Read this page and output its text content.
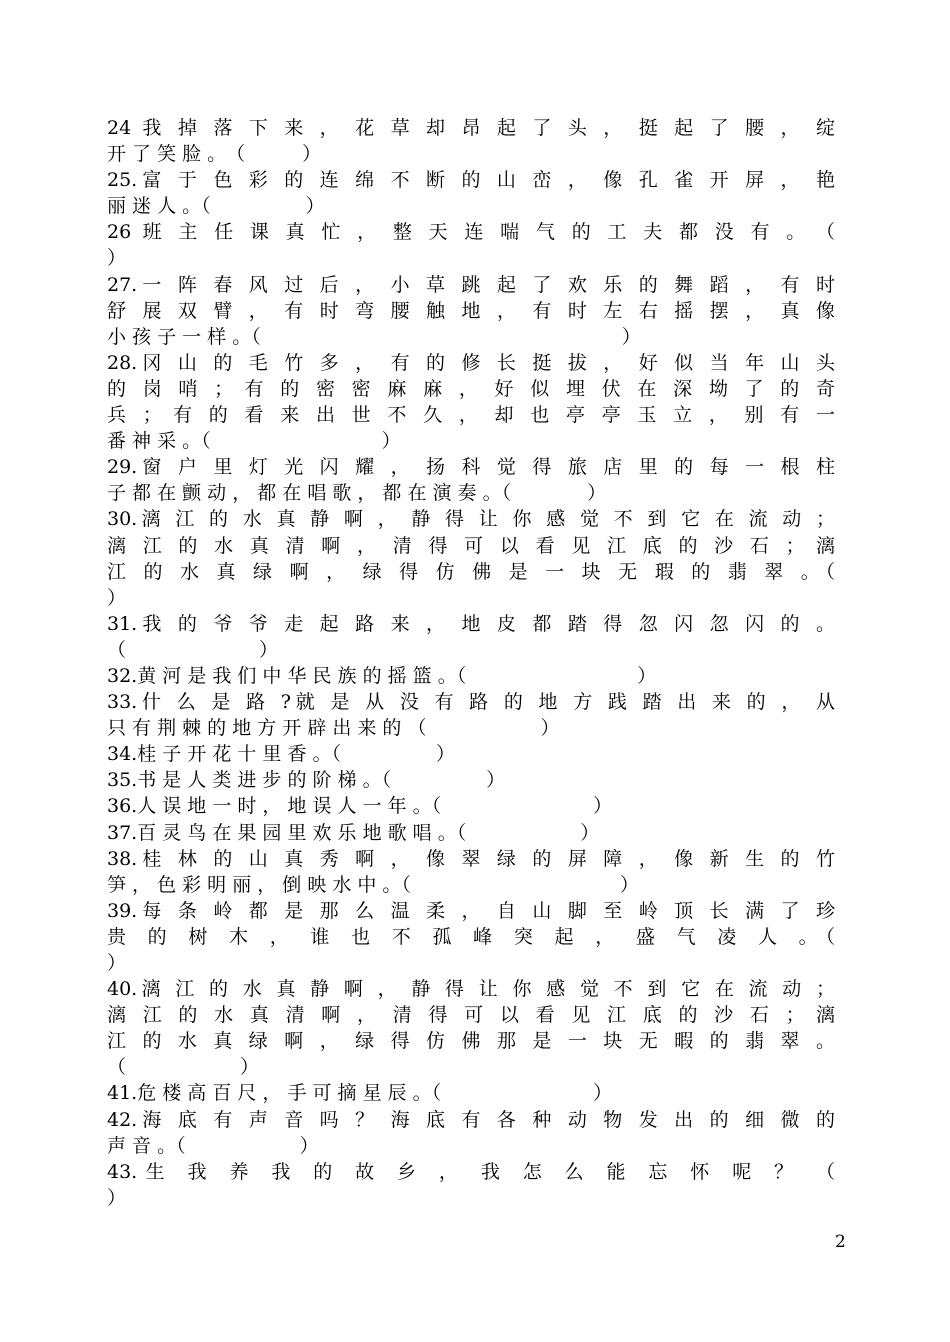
24 我 掉 落 下 来 ， 花 草 却 昂 起 了 头 ， 挺 起 了 腰 ， 绽
开 了 笑 脸 。　（　　　）
25.富 于 色 彩 的 连 绵 不 断 的 山 峦 ， 像 孔 雀 开 屏 ， 艳
丽 迷 人 。（　　　　　）
26 班 主 任 课 真 忙 ， 整 天 连 喘 气 的 工 夫 都 没 有 。　（
）
27.一 阵 春 风 过 后 ， 小 草 跳 起 了 欢 乐 的 舞 蹈 ， 有 时
舒 展 双 臂 ， 有 时 弯 腰 触 地 ， 有 时 左 右 摇 摆 ， 真 像
小 孩 子 一 样 。（　　　　　　　　　　　　　　　　　　　）
28.冈 山 的 毛 竹 多 ， 有 的 修 长 挺 拔 ， 好 似 当 年 山 头
的 岗 哨 ； 有 的 密 密 麻 麻 ， 好 似 埋 伏 在 深 坳 了 的 奇
兵 ； 有 的 看 来 出 世 不 久 ， 却 也 亭 亭 玉 立 ， 别 有 一
番 神 采 。（　　　　　　　　　）
29.窗 户 里 灯 光 闪 耀 ， 扬 科 觉 得 旅 店 里 的 每 一 根 柱
子 都 在 颤 动 ， 都 在 唱 歌 ， 都 在 演 奏 。（　　　　）
30.漓 江 的 水 真 静 啊 ， 静 得 让 你 感 觉 不 到 它 在 流 动 ；
漓 江 的 水 真 清 啊 ， 清 得 可 以 看 见 江 底 的 沙 石 ； 漓
江 的 水 真 绿 啊 ， 绿 得 仿 佛 是 一 块 无 瑕 的 翡 翠 。（
）
31.我 的 爷 爷 走 起 路 来 ， 地 皮 都 踏 得 忽 闪 忽 闪 的 。
（　　　　　　　）
32.黄 河 是 我 们 中 华 民 族 的 摇 篮 。（　　　　　　　　　）
33.什 么 是 路 ?就 是 从 没 有 路 的 地 方 践 踏 出 来 的 ， 从
只 有 荆 棘 的 地 方 开 辟 出 来 的 （　　　　　　）
34.桂 子 开 花 十 里 香 。（　　　　　）
35.书 是 人 类 进 步 的 阶 梯 。（　　　　　）
36.人 误 地 一 时 ， 地 误 人 一 年 。（　　　　　　　　）
37.百 灵 鸟 在 果 园 里 欢 乐 地 歌 唱 。（　　　　　　）
38.桂 林 的 山 真 秀 啊 ， 像 翠 绿 的 屏 障 ， 像 新 生 的 竹
笋 ， 色 彩 明 丽 ， 倒 映 水 中 。（　　　　　　　　　　　）
39.每 条 岭 都 是 那 么 温 柔 ， 自 山 脚 至 岭 顶 长 满 了 珍
贵 的 树 木 ， 谁 也 不 孤 峰 突 起 ， 盛 气 凌 人 。（
）
40.漓 江 的 水 真 静 啊 ， 静 得 让 你 感 觉 不 到 它 在 流 动 ；
漓 江 的 水 真 清 啊 ， 清 得 可 以 看 见 江 底 的 沙 石 ； 漓
江 的 水 真 绿 啊 ， 绿 得 仿 佛 那 是 一 块 无 暇 的 翡 翠 。
（　　　　　　）
41.危 楼 高 百 尺 ， 手 可 摘 星 辰 。（　　　　　　　　）
42.海 底 有 声 音 吗 ？ 海 底 有 各 种 动 物 发 出 的 细 微 的
声 音 。（　　　　　　）
43.生 我 养 我 的 故 乡 ， 我 怎 么 能 忘 怀 呢 ？ （
）
2
